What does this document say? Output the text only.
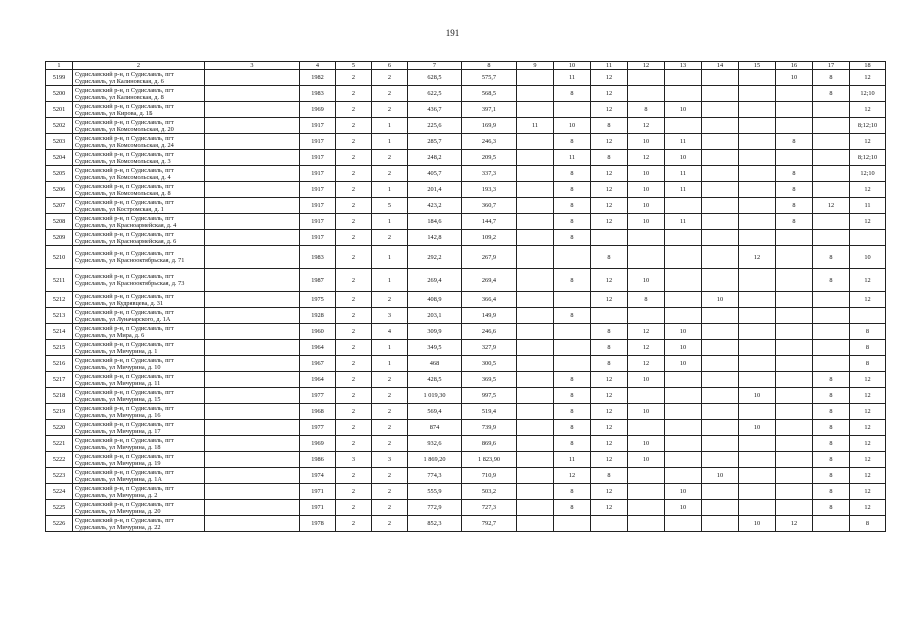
191
1	2	3	4	5	6	7	8	9	10	11	12	13	14	15	16	17	18
5199	Судиславский р-н, п Судиславль, пгт Судиславль, ул Калиновская, д. 6		1982	2	2	628,5	575,7		11	12					10	8	12
5200	Судиславский р-н, п Судиславль, пгт Судиславль, ул Калиновская, д. 8		1983	2	2	622,5	568,5		8	12						8	12;10
5201	Судиславский р-н, п Судиславль, пгт Судиславль, ул Кирова, д. 1Б		1969	2	2	436,7	397,1			12	8	10					12
5202	Судиславский р-н, п Судиславль, пгт Судиславль, ул Комсомольская, д. 20		1917	2	1	225,6	169,9	11	10	8	12						8;12;10
5203	Судиславский р-н, п Судиславль, пгт Судиславль, ул Комсомольская, д. 24		1917	2	1	285,7	246,3		8	12	10	11			8		12
5204	Судиславский р-н, п Судиславль, пгт Судиславль, ул Комсомольская, д. 3		1917	2	2	248,2	209,5		11	8	12	10					8;12;10
5205	Судиславский р-н, п Судиславль, пгт Судиславль, ул Комсомольская, д. 4		1917	2	2	405,7	337,3		8	12	10	11			8		12;10
5206	Судиславский р-н, п Судиславль, пгт Судиславль, ул Комсомольская, д. 8		1917	2	1	201,4	193,3		8	12	10	11			8		12
5207	Судиславский р-н, п Судиславль, пгт Судиславль, ул Костромская, д. 1		1917	2	5	423,2	360,7		8	12	10				8	12	11
5208	Судиславский р-н, п Судиславль, пгт Судиславль, ул Красноармейская, д. 4		1917	2	1	184,6	144,7		8	12	10	11			8		12
5209	Судиславский р-н, п Судиславль, пгт Судиславль, ул Красноармейская, д. 6		1917	2	2	142,8	109,2		8								
5210	Судиславский р-н, п Судиславль, пгт Судиславль, ул Краснооктябрьская, д. 71		1983	2	1	292,2	267,9			8				12		8	10
5211	Судиславский р-н, п Судиславль, пгт Судиславль, ул Краснооктябрьская, д. 73		1987	2	1	269,4	269,4		8	12	10					8	12
5212	Судиславский р-н, п Судиславль, пгт Судиславль, ул Кудрявцева, д. 31		1975	2	2	408,9	366,4			12	8		10				12
5213	Судиславский р-н, п Судиславль, пгт Судиславль, ул Луначарского, д. 1А		1928	2	3	203,1	149,9		8								
5214	Судиславский р-н, п Судиславль, пгт Судиславль, ул Мира, д. 6		1960	2	4	309,9	246,6			8	12	10					8
5215	Судиславский р-н, п Судиславль, пгт Судиславль, ул Мичурина, д. 1		1964	2	1	349,5	327,9			8	12	10					8
5216	Судиславский р-н, п Судиславль, пгт Судиславль, ул Мичурина, д. 10		1967	2	1	468	300,5			8	12	10					8
5217	Судиславский р-н, п Судиславль, пгт Судиславль, ул Мичурина, д. 11		1964	2	2	428,5	369,5		8	12	10					8	12
5218	Судиславский р-н, п Судиславль, пгт Судиславль, ул Мичурина, д. 15		1977	2	2	1 019,30	997,5		8	12				10		8	12
5219	Судиславский р-н, п Судиславль, пгт Судиславль, ул Мичурина, д. 16		1968	2	2	569,4	519,4		8	12	10					8	12
5220	Судиславский р-н, п Судиславль, пгт Судиславль, ул Мичурина, д. 17		1977	2	2	874	739,9		8	12				10		8	12
5221	Судиславский р-н, п Судиславль, пгт Судиславль, ул Мичурина, д. 18		1969	2	2	932,6	869,6		8	12	10					8	12
5222	Судиславский р-н, п Судиславль, пгт Судиславль, ул Мичурина, д. 19		1986	3	3	1 869,20	1 823,90		11	12	10					8	12
5223	Судиславский р-н, п Судиславль, пгт Судиславль, ул Мичурина, д. 1А		1974	2	2	774,3	710,9		12	8			10			8	12
5224	Судиславский р-н, п Судиславль, пгт Судиславль, ул Мичурина, д. 2		1971	2	2	555,9	503,2		8	12		10				8	12
5225	Судиславский р-н, п Судиславль, пгт Судиславль, ул Мичурина, д. 20		1971	2	2	772,9	727,3		8	12		10				8	12
5226	Судиславский р-н, п Судиславль, пгт Судиславль, ул Мичурина, д. 22		1978	2	2	852,3	792,7							10	12		8
